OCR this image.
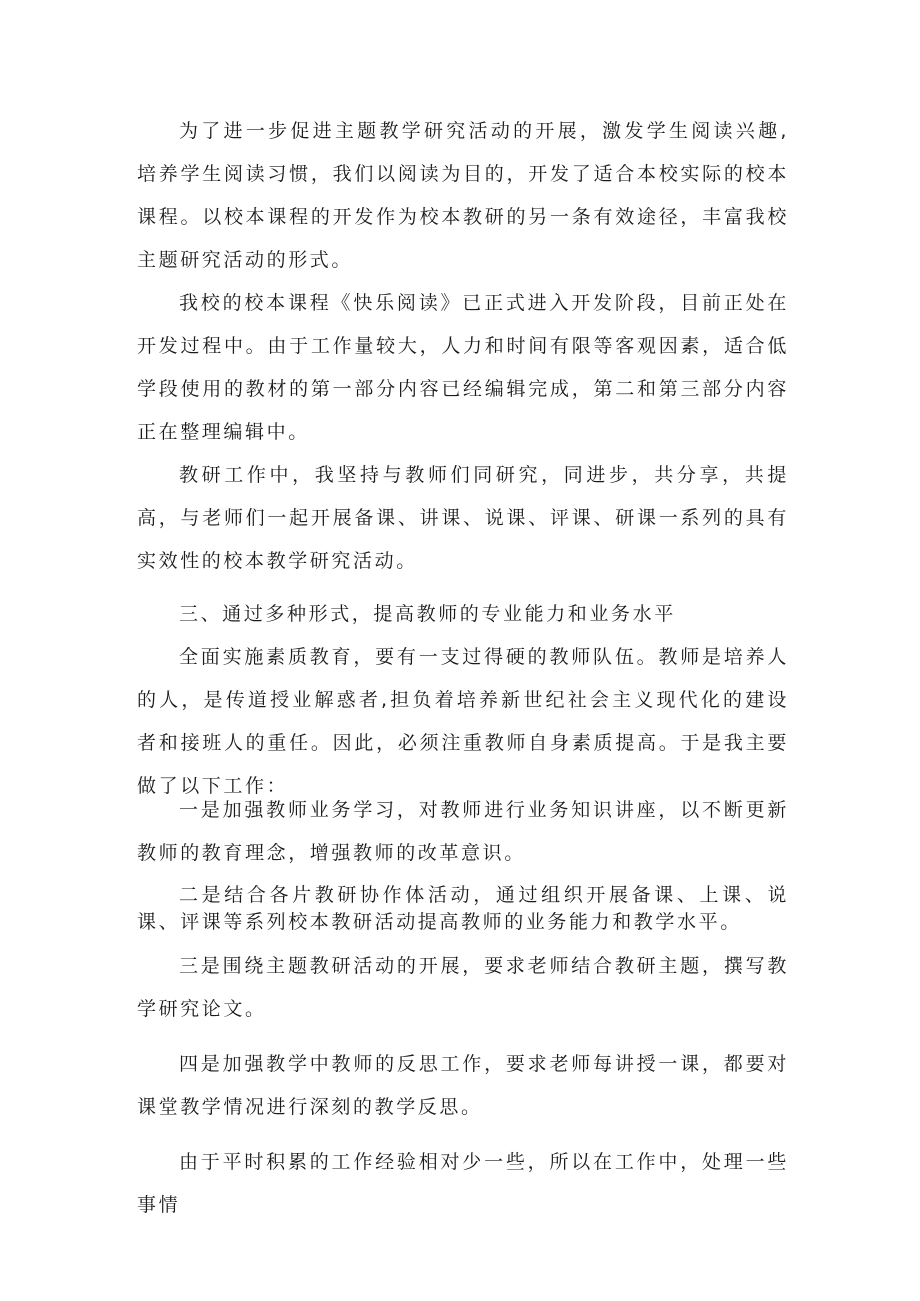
为了进一步促进主题教学研究活动的开展，激发学生阅读兴趣,培养学生阅读习惯，我们以阅读为目的，开发了适合本校实际的校本课程。以校本课程的开发作为校本教研的另一条有效途径，丰富我校主题研究活动的形式。

我校的校本课程《快乐阅读》已正式进入开发阶段，目前正处在开发过程中。由于工作量较大，人力和时间有限等客观因素，适合低学段使用的教材的第一部分内容已经编辑完成，第二和第三部分内容正在整理编辑中。

教研工作中，我坚持与教师们同研究，同进步，共分享，共提高，与老师们一起开展备课、讲课、说课、评课、研课一系列的具有实效性的校本教学研究活动。

三、通过多种形式，提高教师的专业能力和业务水平

全面实施素质教育，要有一支过得硬的教师队伍。教师是培养人的人，是传道授业解惑者,担负着培养新世纪社会主义现代化的建设者和接班人的重任。因此，必须注重教师自身素质提高。于是我主要做了以下工作：

一是加强教师业务学习，对教师进行业务知识讲座，以不断更新教师的教育理念，增强教师的改革意识。

二是结合各片教研协作体活动，通过组织开展备课、上课、说课、评课等系列校本教研活动提高教师的业务能力和教学水平。

三是围绕主题教研活动的开展，要求老师结合教研主题，撰写教学研究论文。

四是加强教学中教师的反思工作，要求老师每讲授一课，都要对课堂教学情况进行深刻的教学反思。

由于平时积累的工作经验相对少一些，所以在工作中，处理一些事情
